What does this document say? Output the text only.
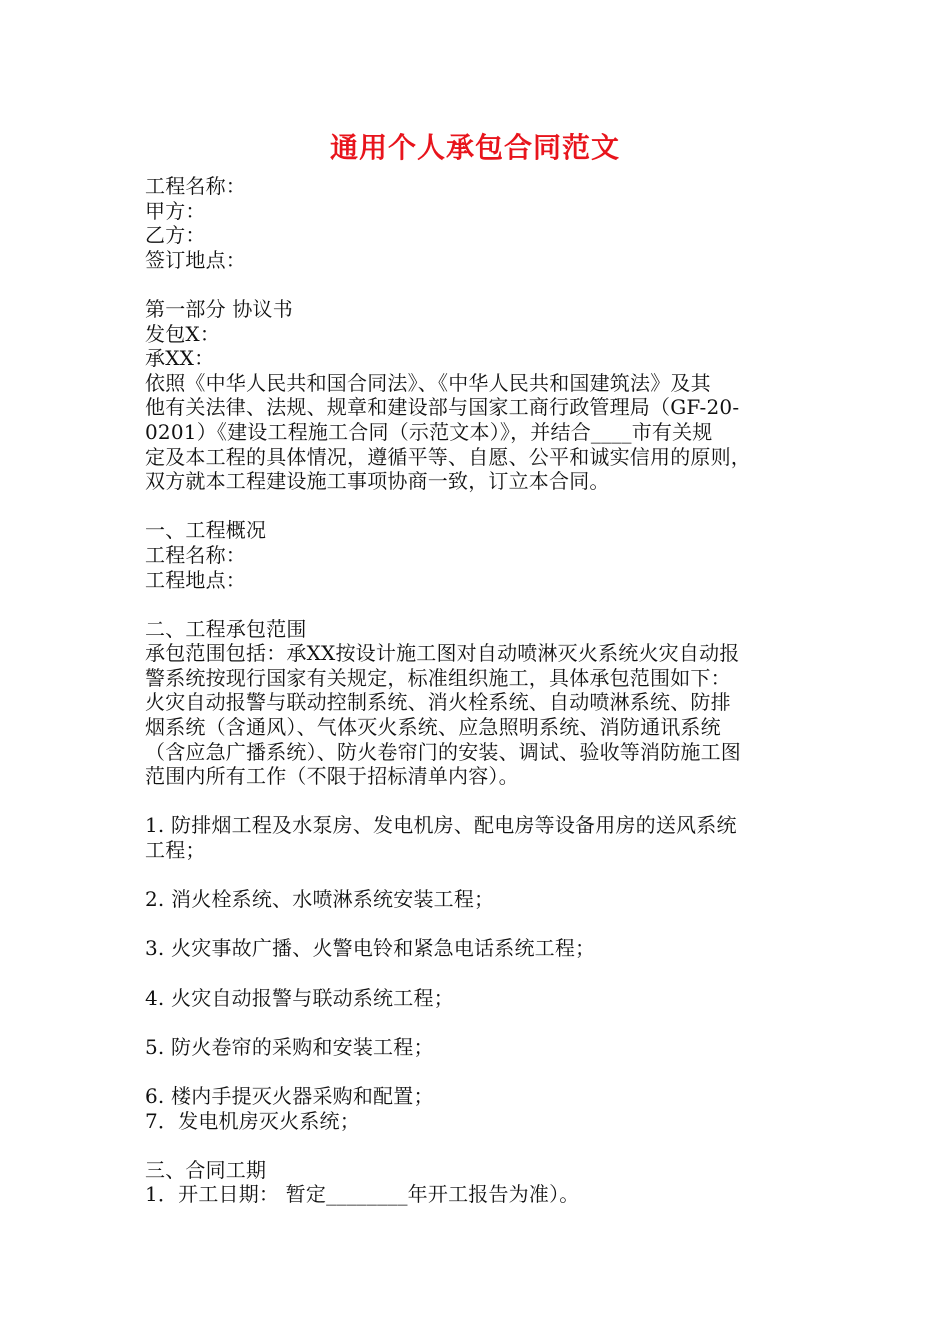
通用个人承包合同范文
工程名称：
甲方：
乙方：
签订地点：
第一部分 协议书
发包X：
承XX：
依照《中华人民共和国合同法》、《中华人民共和国建筑法》及其
他有关法律、法规、规章和建设部与国家工商行政管理局（GF-20-
0201）《建设工程施工合同（示范文本）》，并结合____市有关规
定及本工程的具体情况，遵循平等、自愿、公平和诚实信用的原则，
双方就本工程建设施工事项协商一致，订立本合同。
一、工程概况
工程名称：
工程地点：
二、工程承包范围
承包范围包括：承XX按设计施工图对自动喷淋灭火系统火灾自动报
警系统按现行国家有关规定，标准组织施工，具体承包范围如下：
火灾自动报警与联动控制系统、消火栓系统、自动喷淋系统、防排
烟系统（含通风）、气体灭火系统、应急照明系统、消防通讯系统
（含应急广播系统）、防火卷帘门的安装、调试、验收等消防施工图
范围内所有工作（不限于招标清单内容）。
1. 防排烟工程及水泵房、发电机房、配电房等设备用房的送风系统
工程；
2. 消火栓系统、水喷淋系统安装工程；
3. 火灾事故广播、火警电铃和紧急电话系统工程；
4. 火灾自动报警与联动系统工程；
5. 防火卷帘的采购和安装工程；
6. 楼内手提灭火器采购和配置；
7．发电机房灭火系统；
三、合同工期
1．开工日期： 暂定________年开工报告为准）。
